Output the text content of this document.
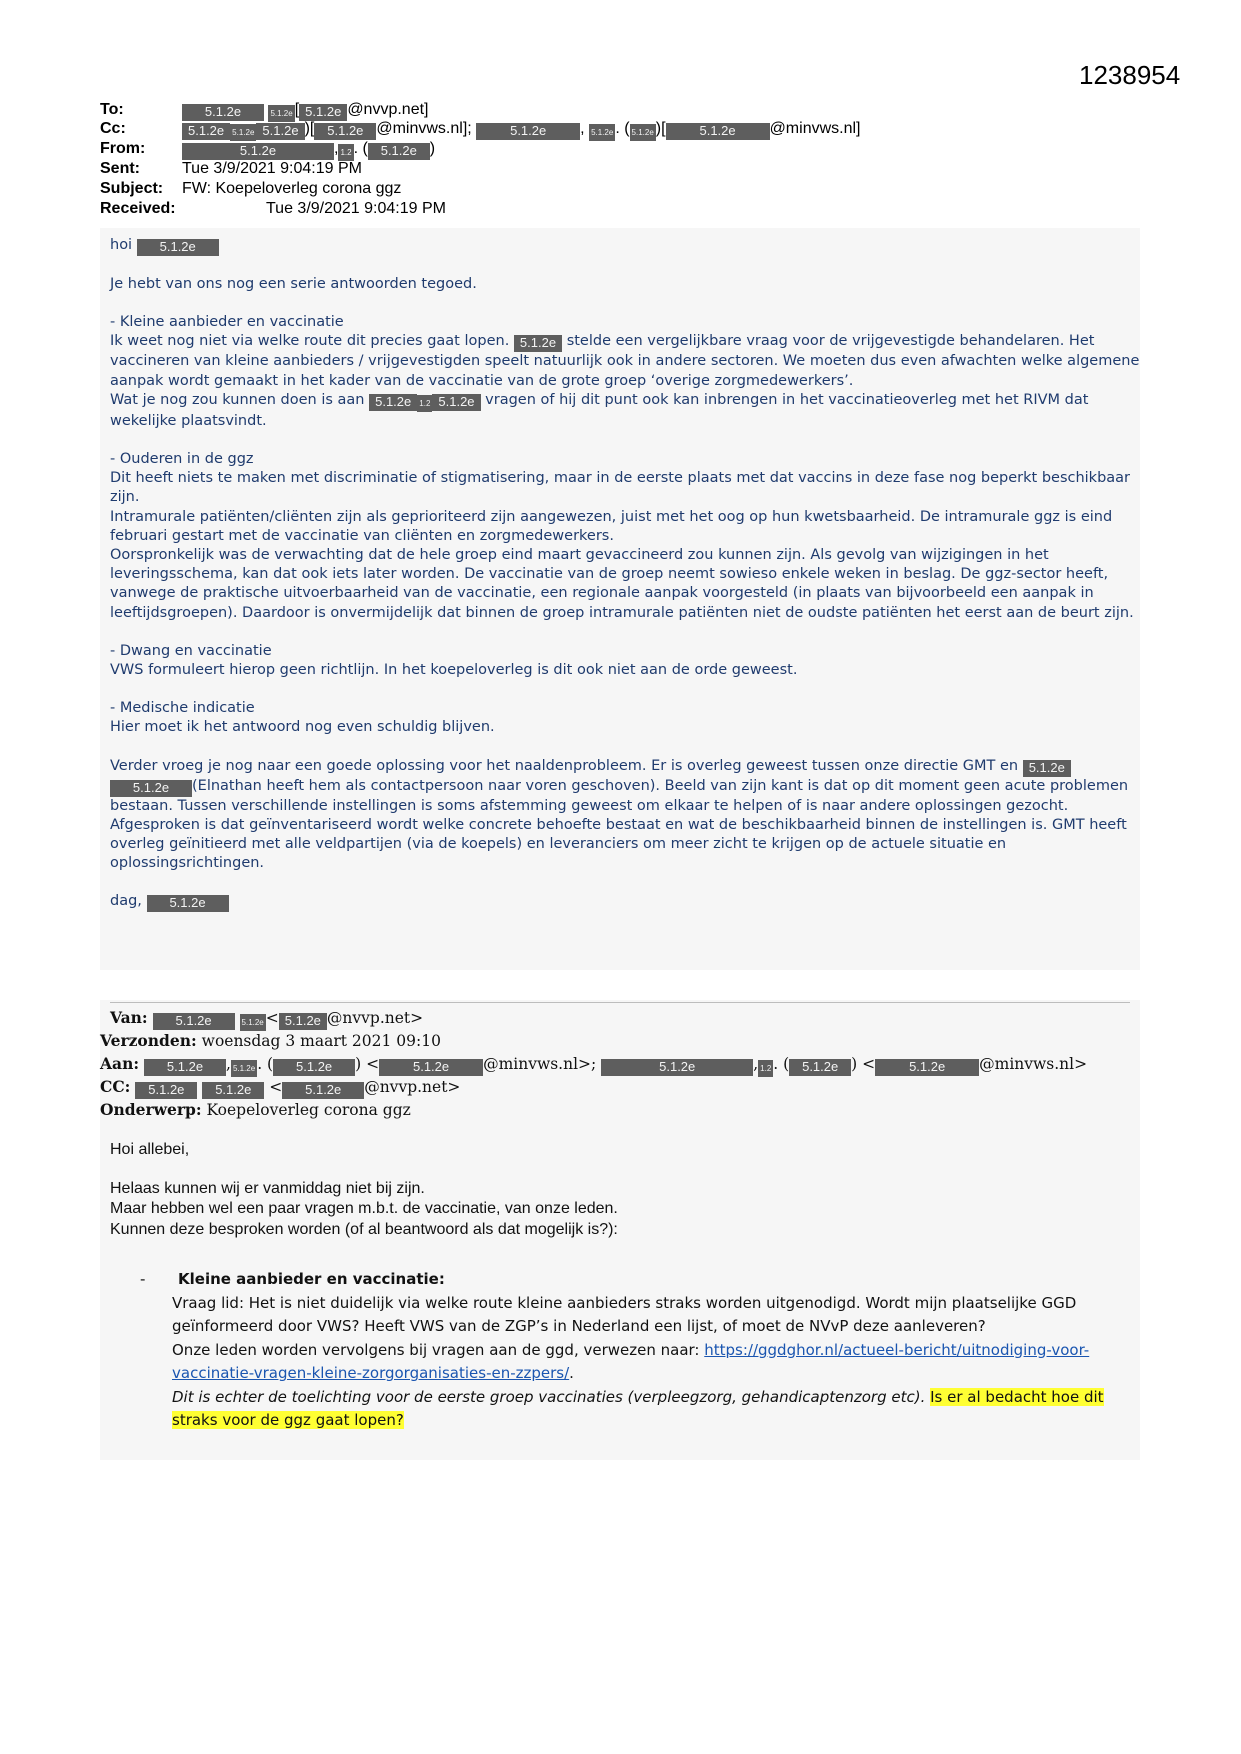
1238954
To:	5.1.2e	5.1.2e [ 5.1.2e @nvvp.net]
Cc:	5.1.2e 5.1.2e 5.1.2e )[ 5.1.2e @minvws.nl];	5.1.2e , 5.1.2e . ( 5.1.2e )[	5.1.2e @minvws.nl]
From:	5.1.2e	, 1.2 . ( 5.1.2e )
Sent:	Tue 3/9/2021 9:04:19 PM
Subject: FW: Koepeloverleg corona ggz
Received:	Tue 3/9/2021 9:04:19 PM

hoi 5.1.2e

Je hebt van ons nog een serie antwoorden tegoed.

- Kleine aanbieder en vaccinatie

Ik weet nog niet via welke route dit precies gaat lopen. 5.1.2e stelde een vergelijkbare vraag voor de vrijgevestigde behandelaren. Het vaccineren van kleine aanbieders / vrijgevestigden speelt natuurlijk ook in andere sectoren. We moeten dus even afwachten welke algemene aanpak wordt gemaakt in het kader van de vaccinatie van de grote groep ‘overige zorgmedewerkers’.
Wat je nog zou kunnen doen is aan 5.1.2e 1.2 5.1.2e vragen of hij dit punt ook kan inbrengen in het vaccinatieoverleg met het RIVM dat wekelijke plaatsvindt.

- Ouderen in de ggz

Dit heeft niets te maken met discriminatie of stigmatisering, maar in de eerste plaats met dat vaccins in deze fase nog beperkt beschikbaar zijn.
Intramurale patiënten/cliënten zijn als geprioriteerd zijn aangewezen, juist met het oog op hun kwetsbaarheid. De intramurale ggz is eind februari gestart met de vaccinatie van cliënten en zorgmedewerkers.
Oorspronkelijk was de verwachting dat de hele groep eind maart gevaccineerd zou kunnen zijn. Als gevolg van wijzigingen in het leveringsschema, kan dat ook iets later worden. De vaccinatie van de groep neemt sowieso enkele weken in beslag. De ggz-sector heeft, vanwege de praktische uitvoerbaarheid van de vaccinatie, een regionale aanpak voorgesteld (in plaats van bijvoorbeeld een aanpak in leeftijdsgroepen). Daardoor is onvermijdelijk dat binnen de groep intramurale patiënten niet de oudste patiënten het eerst aan de beurt zijn.

- Dwang en vaccinatie

VWS formuleert hierop geen richtlijn. In het koepeloverleg is dit ook niet aan de orde geweest.

- Medische indicatie

Hier moet ik het antwoord nog even schuldig blijven.

Verder vroeg je nog naar een goede oplossing voor het naaldenprobleem. Er is overleg geweest tussen onze directie GMT en 5.1.2e 5.1.2e (Elnathan heeft hem als contactpersoon naar voren geschoven). Beeld van zijn kant is dat op dit moment geen acute problemen bestaan. Tussen verschillende instellingen is soms afstemming geweest om elkaar te helpen of is naar andere oplossingen gezocht. Afgesproken is dat geïnventariseerd wordt welke concrete behoefte bestaat en wat de beschikbaarheid binnen de instellingen is. GMT heeft overleg geïnitieerd met alle veldpartijen (via de koepels) en leveranciers om meer zicht te krijgen op de actuele situatie en oplossingsrichtingen.

dag, 5.1.2e

Van: 5.1.2e	5.1.2e < 5.1.2e @nvvp.net>
Verzonden: woensdag 3 maart 2021 09:10
Aan: 5.1.2e , 5.1.2e . ( 5.1.2e ) <	5.1.2e @minvws.nl>;	5.1.2e	, 1.2 . ( 5.1.2e ) <	5.1.2e @minvws.nl>
CC: 5.1.2e 5.1.2e < 5.1.2e @nvvp.net>
Onderwerp: Koepeloverleg corona ggz

Hoi allebei,

Helaas kunnen wij er vanmiddag niet bij zijn.
Maar hebben wel een paar vragen m.b.t. de vaccinatie, van onze leden.
Kunnen deze besproken worden (of al beantwoord als dat mogelijk is?):
- Kleine aanbieder en vaccinatie:
Vraag lid: Het is niet duidelijk via welke route kleine aanbieders straks worden uitgenodigd. Wordt mijn plaatselijke GGD geïnformeerd door VWS? Heeft VWS van de ZGP’s in Nederland een lijst, of moet de NVvP deze aanleveren?
Onze leden worden vervolgens bij vragen aan de ggd, verwezen naar: https://ggdghor.nl/actueel-bericht/uitnodiging-voor-vaccinatie-vragen-kleine-zorgorganisaties-en-zzpers/.
Dit is echter de toelichting voor de eerste groep vaccinaties (verpleegzorg, gehandicaptenzorg etc). Is er al bedacht hoe dit straks voor de ggz gaat lopen?
